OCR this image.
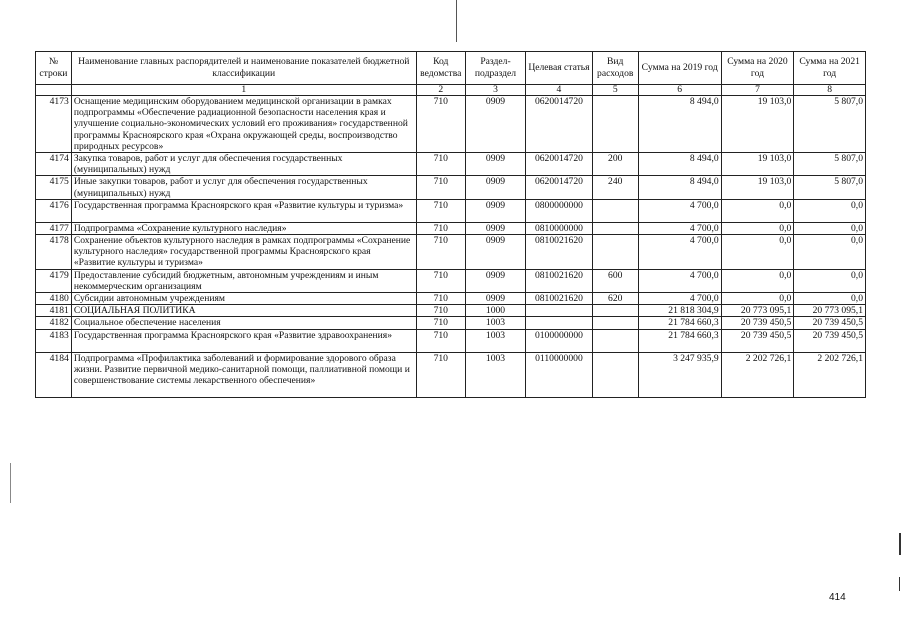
№ строки	Наименование главных распорядителей и наименование показателей бюджетной классификации	Код ведомства	Раздел-подраздел	Целевая статья	Вид расходов	Сумма на 2019 год	Сумма на 2020 год	Сумма на 2021 год
	1	2	3	4	5	6	7	8
4173	Оснащение медицинским оборудованием медицинской организации в рамках подпрограммы «Обеспечение радиационной безопасности населения края и улучшение социально-экономических условий его проживания» государственной программы Красноярского края «Охрана окружающей среды, воспроизводство природных ресурсов»	710	0909	0620014720		8 494,0	19 103,0	5 807,0
4174	Закупка товаров, работ и услуг для обеспечения государственных (муниципальных) нужд	710	0909	0620014720	200	8 494,0	19 103,0	5 807,0
4175	Иные закупки товаров, работ и услуг для обеспечения государственных (муниципальных) нужд	710	0909	0620014720	240	8 494,0	19 103,0	5 807,0
4176	Государственная программа Красноярского края «Развитие культуры и туризма»	710	0909	0800000000		4 700,0	0,0	0,0
4177	Подпрограмма «Сохранение культурного наследия»	710	0909	0810000000		4 700,0	0,0	0,0
4178	Сохранение объектов культурного наследия в рамках подпрограммы «Сохранение культурного наследия» государственной программы Красноярского края «Развитие культуры и туризма»	710	0909	0810021620		4 700,0	0,0	0,0
4179	Предоставление субсидий бюджетным, автономным учреждениям и иным некоммерческим организациям	710	0909	0810021620	600	4 700,0	0,0	0,0
4180	Субсидии автономным учреждениям	710	0909	0810021620	620	4 700,0	0,0	0,0
4181	СОЦИАЛЬНАЯ ПОЛИТИКА	710	1000			21 818 304,9	20 773 095,1	20 773 095,1
4182	Социальное обеспечение населения	710	1003			21 784 660,3	20 739 450,5	20 739 450,5
4183	Государственная программа Красноярского края «Развитие здравоохранения»	710	1003	0100000000		21 784 660,3	20 739 450,5	20 739 450,5
4184	Подпрограмма «Профилактика заболеваний и формирование здорового образа жизни. Развитие первичной медико-санитарной помощи, паллиативной помощи и совершенствование системы лекарственного обеспечения»	710	1003	0110000000		3 247 935,9	2 202 726,1	2 202 726,1
414
